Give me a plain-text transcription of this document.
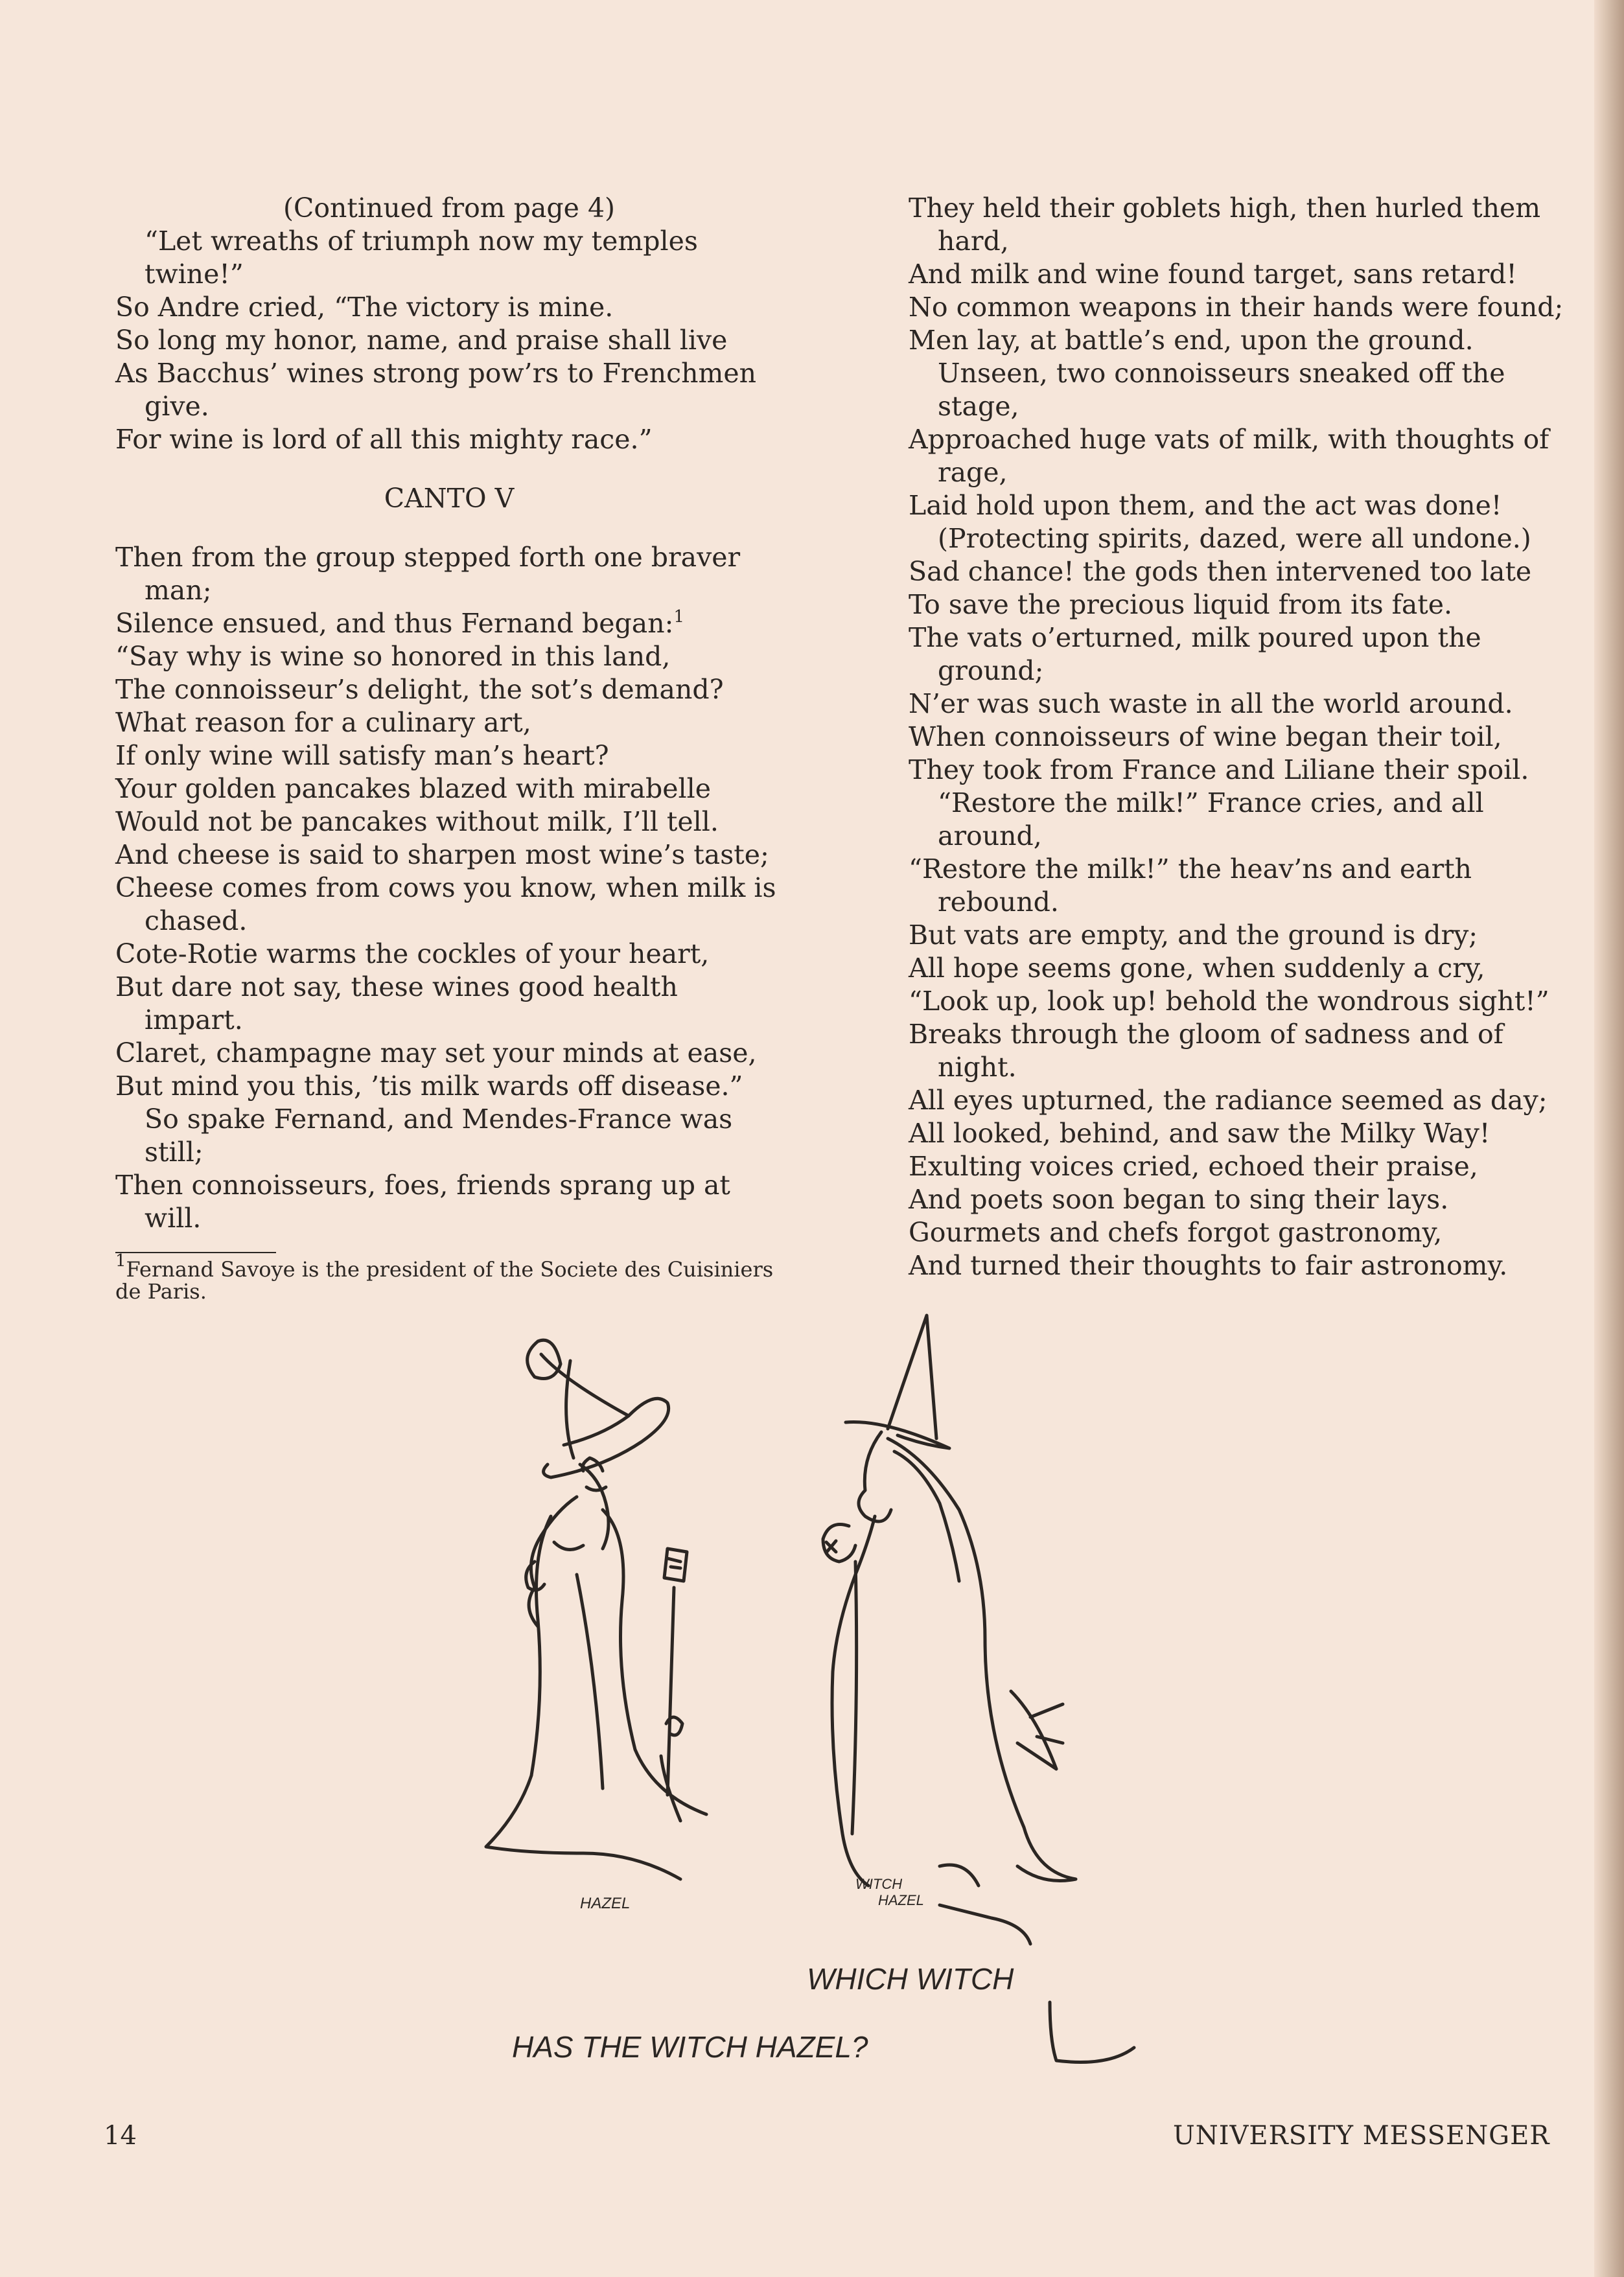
(Continued from page 4)

“Let wreaths of triumph now my temples twine!”

So Andre cried, “The victory is mine.

So long my honor, name, and praise shall live

As Bacchus’ wines strong pow’rs to Frenchmen give.

For wine is lord of all this mighty race.”

CANTO V

Then from the group stepped forth one braver man;

Silence ensued, and thus Fernand began:$^1$

“Say why is wine so honored in this land,

The connoisseur’s delight, the sot’s demand?

What reason for a culinary art,

If only wine will satisfy man’s heart?

Your golden pancakes blazed with mirabelle

Would not be pancakes without milk, I’ll tell.

And cheese is said to sharpen most wine’s taste;

Cheese comes from cows you know, when milk is chased.

Cote-Rotie warms the cockles of your heart,

But dare not say, these wines good health impart.

Claret, champagne may set your minds at ease,

But mind you this, ’tis milk wards off disease.”

So spake Fernand, and Mendes-France was still;

Then connoisseurs, foes, friends sprang up at will.

$^1$Fernand Savoye is the president of the Societe des Cuisiniers de Paris.

They held their goblets high, then hurled them hard,

And milk and wine found target, sans retard!

No common weapons in their hands were found;

Men lay, at battle’s end, upon the ground.

Unseen, two connoisseurs sneaked off the stage,

Approached huge vats of milk, with thoughts of rage,

Laid hold upon them, and the act was done!

(Protecting spirits, dazed, were all undone.)

Sad chance! the gods then intervened too late

To save the precious liquid from its fate.

The vats o’erturned, milk poured upon the ground;

N’er was such waste in all the world around.

When connoisseurs of wine began their toil,

They took from France and Liliane their spoil.

“Restore the milk!” France cries, and all around,

“Restore the milk!” the heav’ns and earth rebound.

But vats are empty, and the ground is dry;

All hope seems gone, when suddenly a cry,

“Look up, look up! behold the wondrous sight!”

Breaks through the gloom of sadness and of night.

All eyes upturned, the radiance seemed as day;

All looked, behind, and saw the Milky Way!

Exulting voices cried, echoed their praise,

And poets soon began to sing their lays.

Gourmets and chefs forgot gastronomy,

And turned their thoughts to fair astronomy.

HAZEL
WITCH
HAZEL
WHICH WITCH
HAS THE WITCH HAZEL?
14	UNIVERSITY MESSENGER
